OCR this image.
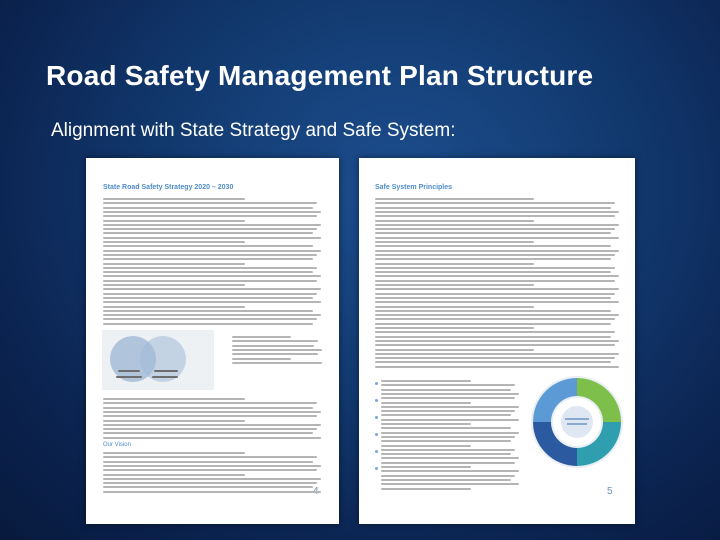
Road Safety Management Plan Structure
Alignment with State Strategy and Safe System:
State Road Safety Strategy 2020 – 2030
Our Vision
Safe System Principles
5
